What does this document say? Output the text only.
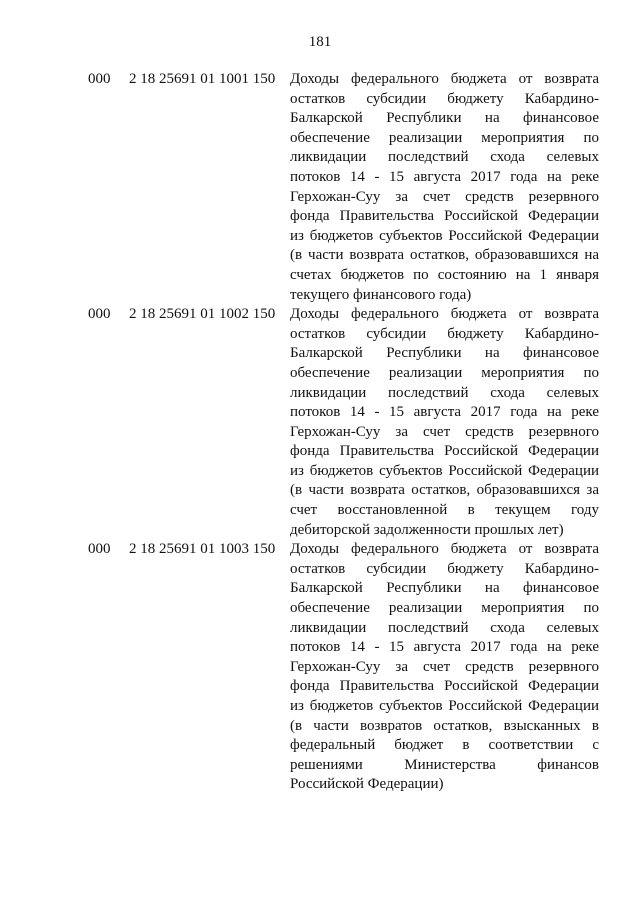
181
000 2 18 25691 01 1001 150 Доходы федерального бюджета от возврата
остатков субсидии бюджету Кабардино-
Балкарской Республики на финансовое
обеспечение реализации мероприятия по
ликвидации последствий схода селевых
потоков 14 - 15 августа 2017 года на реке
Герхожан-Суу за счет средств резервного
фонда Правительства Российской Федерации
из бюджетов субъектов Российской Федерации
(в части возврата остатков, образовавшихся на
счетах бюджетов по состоянию на 1 января
текущего финансового года)
000 2 18 25691 01 1002 150 Доходы федерального бюджета от возврата
остатков субсидии бюджету Кабардино-
Балкарской Республики на финансовое
обеспечение реализации мероприятия по
ликвидации последствий схода селевых
потоков 14 - 15 августа 2017 года на реке
Герхожан-Суу за счет средств резервного
фонда Правительства Российской Федерации
из бюджетов субъектов Российской Федерации
(в части возврата остатков, образовавшихся за
счет восстановленной в текущем году
дебиторской задолженности прошлых лет)
000 2 18 25691 01 1003 150 Доходы федерального бюджета от возврата
остатков субсидии бюджету Кабардино-
Балкарской Республики на финансовое
обеспечение реализации мероприятия по
ликвидации последствий схода селевых
потоков 14 - 15 августа 2017 года на реке
Герхожан-Суу за счет средств резервного
фонда Правительства Российской Федерации
из бюджетов субъектов Российской Федерации
(в части возвратов остатков, взысканных в
федеральный бюджет в соответствии с
решениями Министерства финансов
Российской Федерации)
